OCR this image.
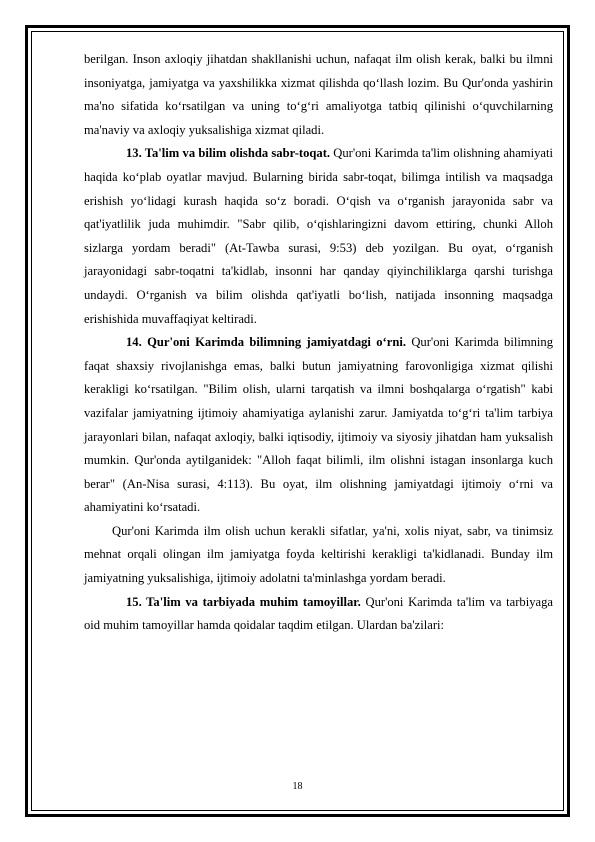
berilgan. Inson axloqiy jihatdan shakllanishi uchun, nafaqat ilm olish kerak, balki bu ilmni insoniyatga, jamiyatga va yaxshilikka xizmat qilishda qo‘llash lozim. Bu Qur'onda yashirin ma'no sifatida ko‘rsatilgan va uning to‘g‘ri amaliyotga tatbiq qilinishi o‘quvchilarning ma'naviy va axloqiy yuksalishiga xizmat qiladi.

13. Ta'lim va bilim olishda sabr-toqat. Qur'oni Karimda ta'lim olishning ahamiyati haqida ko‘plab oyatlar mavjud. Bularning birida sabr-toqat, bilimga intilish va maqsadga erishish yo‘lidagi kurash haqida so‘z boradi. O‘qish va o‘rganish jarayonida sabr va qat'iyatlilik juda muhimdir. "Sabr qilib, o‘qishlaringizni davom ettiring, chunki Alloh sizlarga yordam beradi" (At-Tawba surasi, 9:53) deb yozilgan. Bu oyat, o‘rganish jarayonidagi sabr-toqatni ta'kidlab, insonni har qanday qiyinchiliklarga qarshi turishga undaydi. O‘rganish va bilim olishda qat'iyatli bo‘lish, natijada insonning maqsadga erishishida muvaffaqiyat keltiradi.

14. Qur'oni Karimda bilimning jamiyatdagi o‘rni. Qur'oni Karimda bilimning faqat shaxsiy rivojlanishga emas, balki butun jamiyatning farovonligiga xizmat qilishi kerakligi ko‘rsatilgan. "Bilim olish, ularni tarqatish va ilmni boshqalarga o‘rgatish" kabi vazifalar jamiyatning ijtimoiy ahamiyatiga aylanishi zarur. Jamiyatda to‘g‘ri ta'lim tarbiya jarayonlari bilan, nafaqat axloqiy, balki iqtisodiy, ijtimoiy va siyosiy jihatdan ham yuksalish mumkin. Qur'onda aytilganidek: "Alloh faqat bilimli, ilm olishni istagan insonlarga kuch berar" (An-Nisa surasi, 4:113). Bu oyat, ilm olishning jamiyatdagi ijtimoiy o‘rni va ahamiyatini ko‘rsatadi.

Qur'oni Karimda ilm olish uchun kerakli sifatlar, ya'ni, xolis niyat, sabr, va tinimsiz mehnat orqali olingan ilm jamiyatga foyda keltirishi kerakligi ta'kidlanadi. Bunday ilm jamiyatning yuksalishiga, ijtimoiy adolatni ta'minlashga yordam beradi.

15. Ta'lim va tarbiyada muhim tamoyillar. Qur'oni Karimda ta'lim va tarbiyaga oid muhim tamoyillar hamda qoidalar taqdim etilgan. Ulardan ba'zilari:

18
